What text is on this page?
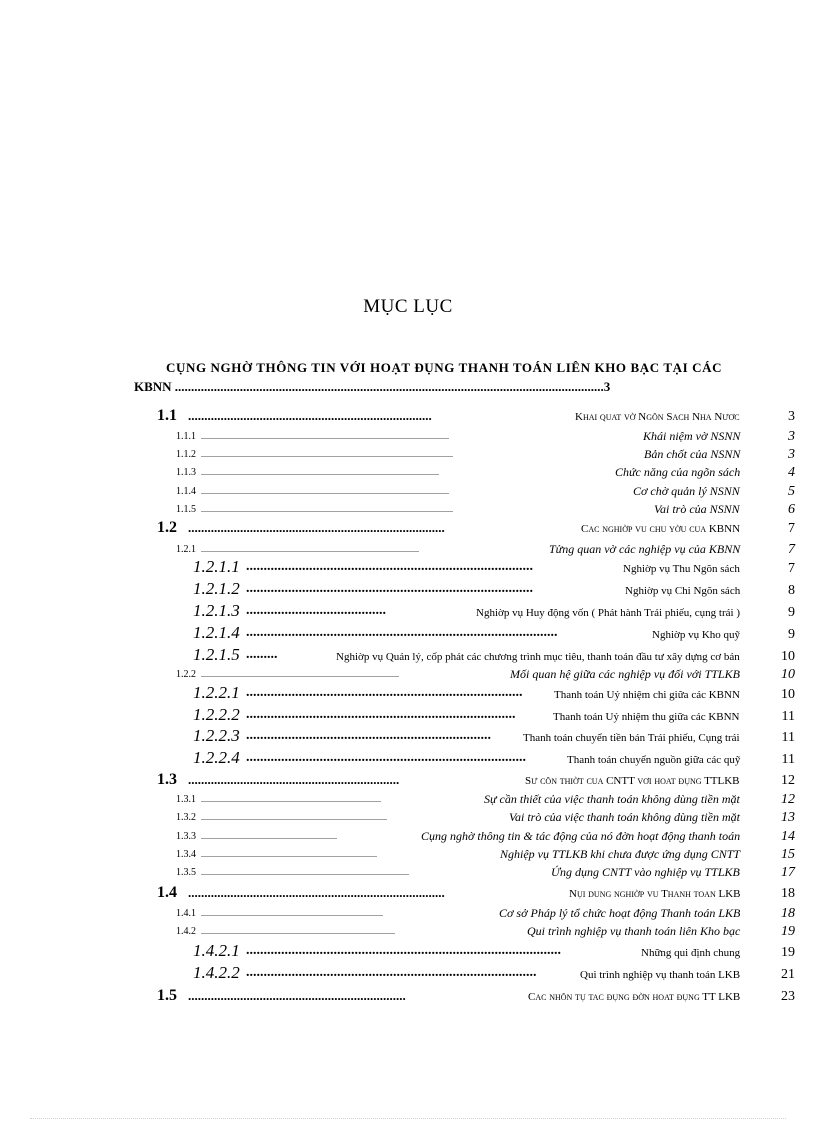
MỤC LỤC
CỤNG NGHỜ THÔNG TIN VỚI HOẠT ĐỤNG THANH TOÁN LIÊN KHO BẠC TẠI CÁC
KBNN ....................................................................................................................................3
1.1 ...........................................................................	Khai quat vờ Ngõn Sach Nha Nươc	3
1.1.1 ............................................................................................................................	Khái niệm vờ NSNN	3
1.1.2 ..............................................................................................................................	Bản chốt của NSNN	3
1.1.3 .......................................................................................................................	Chức năng của ngõn sách	4
1.1.4 ............................................................................................................................	Cơ chờ quản lý NSNN	5
1.1.5 ..............................................................................................................................	Vai trò của NSNN	6
1.2 ...............................................................................	Cac nghiờp vu chu yờu cua KBNN	7
1.2.1 .............................................................................................................	Tửng quan vờ các nghiệp vụ của KBNN	7
1.2.1.1 ..................................................................................	Nghiờp vụ Thu Ngõn sách	7
1.2.1.2 ..................................................................................	Nghiờp vụ Chi Ngõn sách	8
1.2.1.3 ........................................	Nghiờp vụ Huy động vốn ( Phát hành Trái phiếu, cụng trái )	9
1.2.1.4 .........................................................................................	Nghiờp vụ Kho quỹ	9
1.2.1.5 .........	Nghiờp vụ Quản lý, cốp phát các chương trình mục tiêu, thanh toán đầu tư xây dựng cơ bản	10
1.2.2 ...................................................................................................	Mối quan hệ giữa các nghiệp vụ đối với TTLKB	10
1.2.2.1 ...............................................................................	Thanh toán Uỷ nhiệm chi giữa các KBNN	10
1.2.2.2 .............................................................................	Thanh toán Uỷ nhiệm thu giữa các KBNN	11
1.2.2.3 ......................................................................	Thanh toán chuyển tiền bán Trái phiếu, Cụng trái	11
1.2.2.4 ................................................................................	Thanh toán chuyển nguồn giữa các quỹ	11
1.3 .................................................................	Sư cõn thiờt cua CNTT vơi hoat đụng TTLKB	12
1.3.1 ..........................................................................................	Sự cần thiết của việc thanh toán không dùng tiền mặt	12
1.3.2 .............................................................................................	Vai trò của việc thanh toán không dùng tiền mặt	13
1.3.3 ....................................................................	Cụng nghờ thông tin & tác động của nó đờn hoạt động thanh toán	14
1.3.4 ........................................................................................	Nghiệp vụ TTLKB khi chưa được ứng dụng CNTT	15
1.3.5 ........................................................................................................	Ứng dụng CNTT vào nghiệp vụ TTLKB	17
1.4 ...............................................................................	Nụi dung nghiờp vu Thanh toan LKB	18
1.4.1 ...........................................................................................	Cơ sở Pháp lý tổ chức hoạt động Thanh toán LKB	18
1.4.2 .................................................................................................	Qui trình nghiệp vụ thanh toán liên Kho bạc	19
1.4.2.1 ..........................................................................................	Những qui định chung	19
1.4.2.2 ...................................................................................	Qui trình nghiệp vụ thanh toán LKB	21
1.5 ...................................................................	Cac nhõn tụ tac đụng đờn hoat đụng TT LKB	23
